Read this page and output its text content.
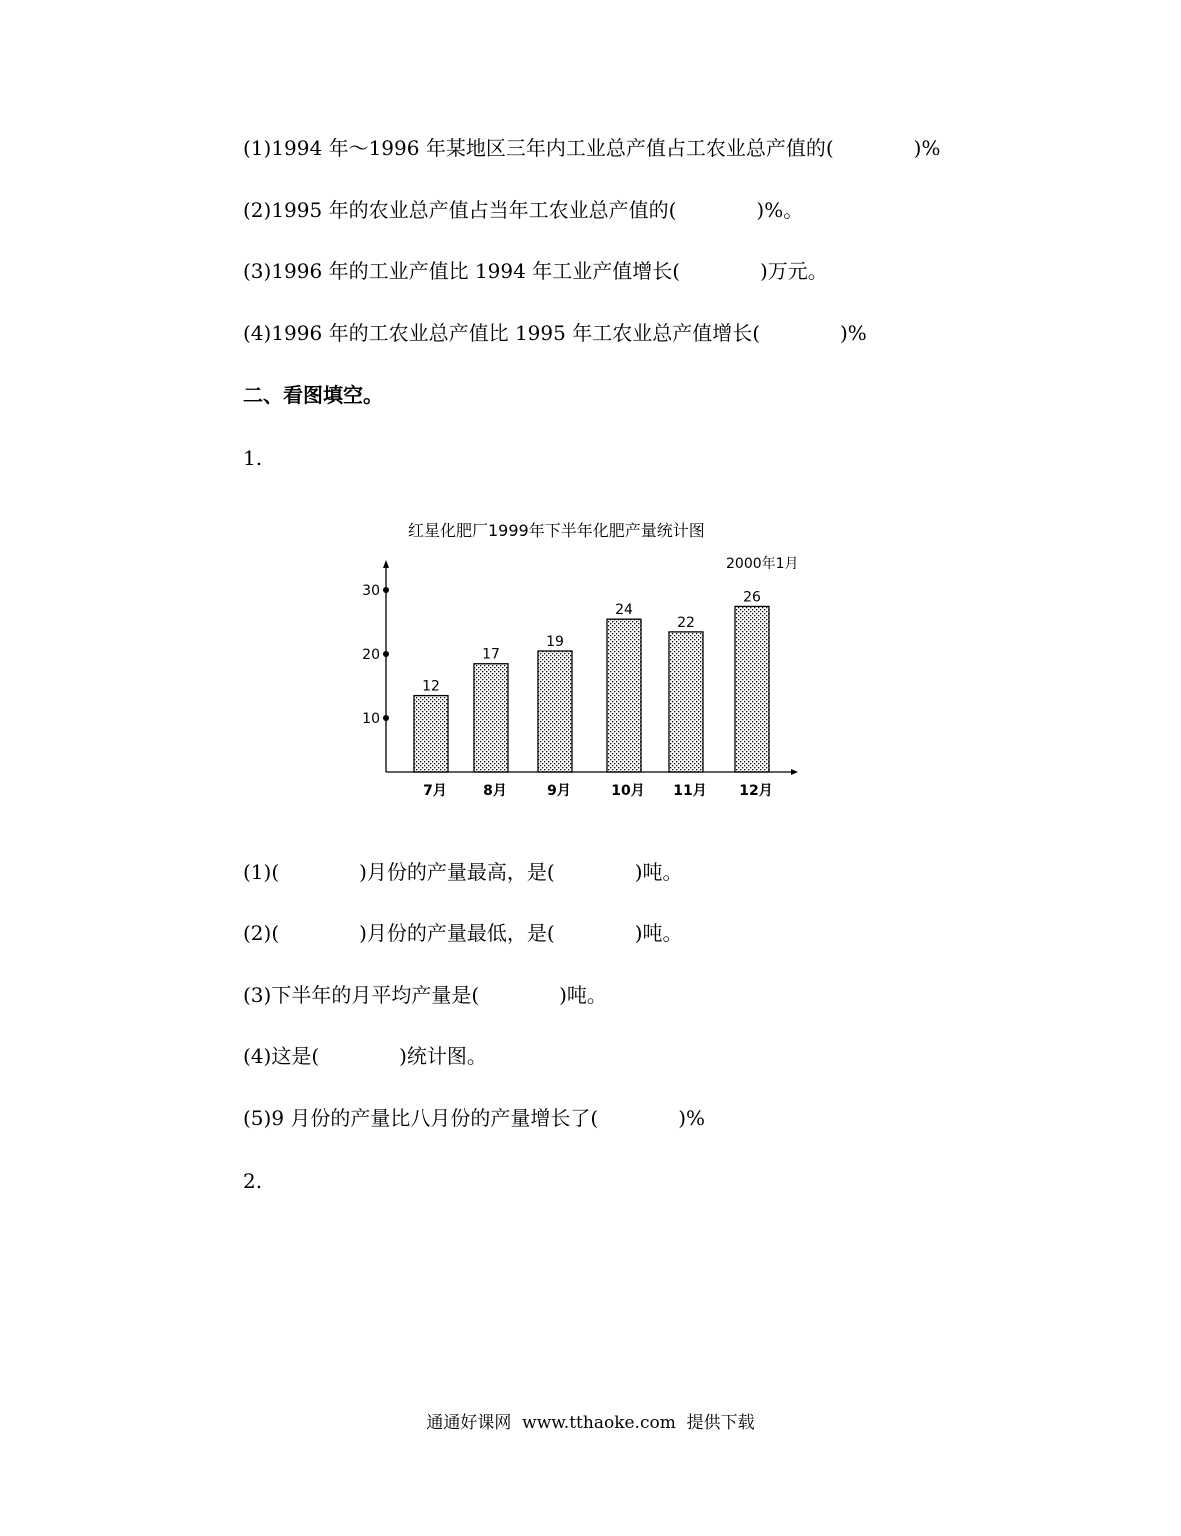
(1)1994 年～1996 年某地区三年内工业总产值占工农业总产值的(　　　　)%
(2)1995 年的农业总产值占当年工农业总产值的(　　　　)%。
(3)1996 年的工业产值比 1994 年工业产值增长(　　　　)万元。
(4)1996 年的工农业总产值比 1995 年工农业总产值增长(　　　　)%
二、看图填空。
1.
红星化肥厂1999年下半年化肥产量统计图
2000年1月
10
20
30
12
7月
17
8月
19
9月
24
10月
22
11月
26
12月
(1)(　　　　)月份的产量最高，是(　　　　)吨。
(2)(　　　　)月份的产量最低，是(　　　　)吨。
(3)下半年的月平均产量是(　　　　)吨。
(4)这是(　　　　)统计图。
(5)9 月份的产量比八月份的产量增长了(　　　　)%
2.
通通好课网  www.tthaoke.com  提供下载
